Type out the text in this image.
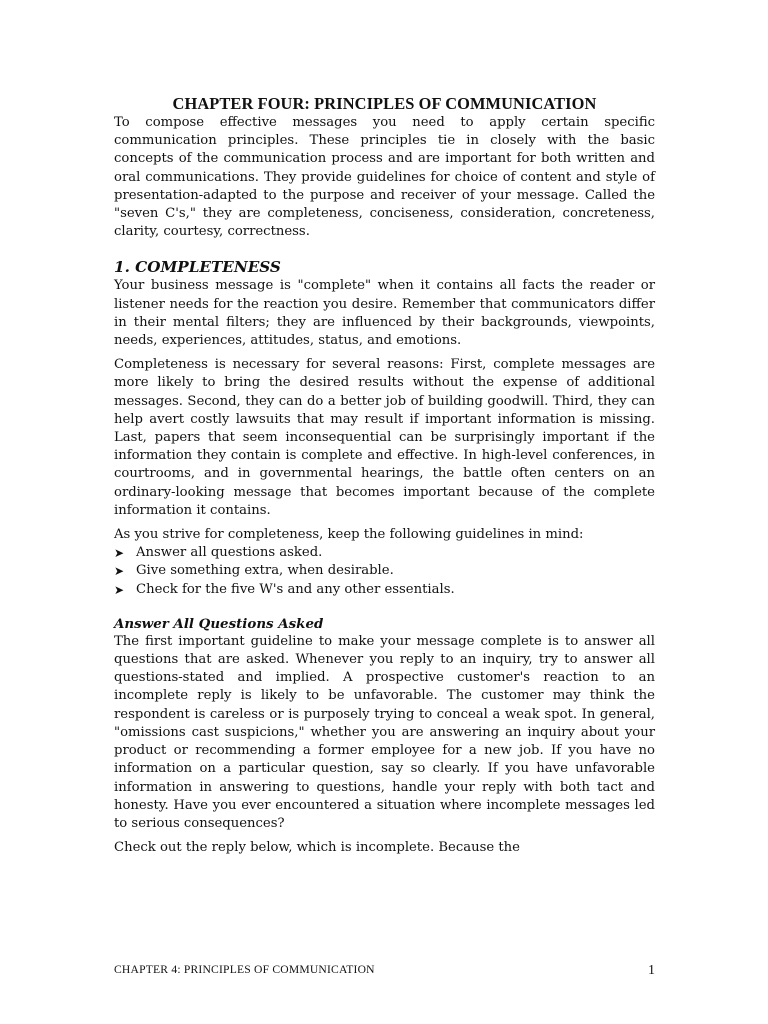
CHAPTER FOUR: PRINCIPLES OF COMMUNICATION

To compose effective messages you need to apply certain specific communication principles. These principles tie in closely with the basic concepts of the communication process and are important for both written and oral communications. They provide guidelines for choice of content and style of presentation-adapted to the purpose and receiver of your message. Called the "seven C's," they are completeness, conciseness, consideration, concreteness, clarity, courtesy, correctness.

1. COMPLETENESS

Your business message is "complete" when it contains all facts the reader or listener needs for the reaction you desire. Remember that communicators differ in their mental filters; they are influenced by their backgrounds, viewpoints, needs, experiences, attitudes, status, and emotions.

Completeness is necessary for several reasons: First, complete messages are more likely to bring the desired results without the expense of additional messages. Second, they can do a better job of building goodwill. Third, they can help avert costly lawsuits that may result if important information is missing. Last, papers that seem inconsequential can be surprisingly important if the information they contain is complete and effective. In high-level conferences, in courtrooms, and in governmental hearings, the battle often centers on an ordinary-looking message that becomes important because of the complete information it contains.

As you strive for completeness, keep the following guidelines in mind:

➤ Answer all questions asked.
➤ Give something extra, when desirable.
➤ Check for the five W's and any other essentials.
Answer All Questions Asked

The first important guideline to make your message complete is to answer all questions that are asked. Whenever you reply to an inquiry, try to answer all questions-stated and implied. A prospective customer's reaction to an incomplete reply is likely to be unfavorable. The customer may think the respondent is careless or is purposely trying to conceal a weak spot. In general, "omissions cast suspicions," whether you are answering an inquiry about your product or recommending a former employee for a new job. If you have no information on a particular question, say so clearly. If you have unfavorable information in answering to questions, handle your reply with both tact and honesty. Have you ever encountered a situation where incomplete messages led to serious consequences?

Check out the reply below, which is incomplete. Because the

CHAPTER 4: PRINCIPLES OF COMMUNICATION	1
